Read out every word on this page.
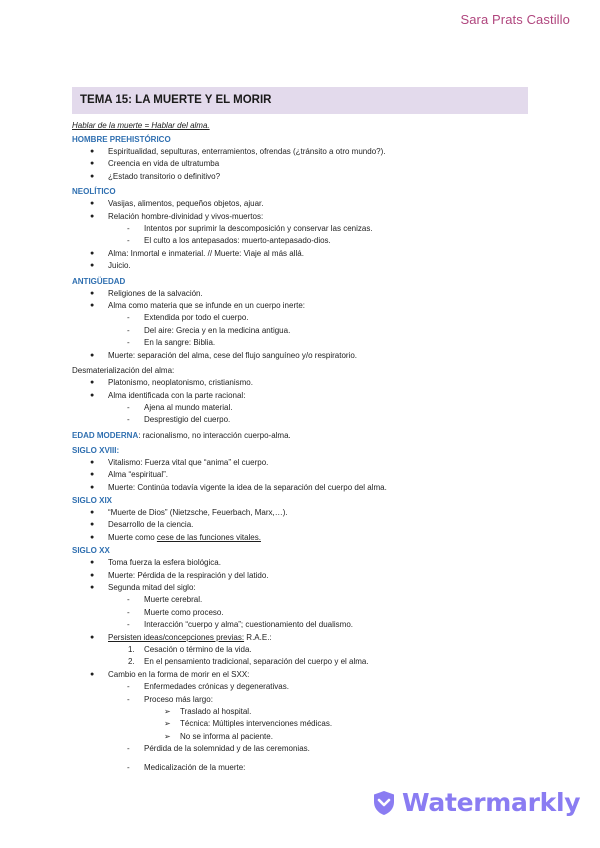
Sara Prats Castillo
TEMA 15: LA MUERTE Y EL MORIR
Hablar de la muerte = Hablar del alma.
HOMBRE PREHISTÓRICO
● Espiritualidad, sepulturas, enterramientos, ofrendas (¿tránsito a otro mundo?).
● Creencia en vida de ultratumba
● ¿Estado transitorio o definitivo?
NEOLÍTICO
● Vasijas, alimentos, pequeños objetos, ajuar.
● Relación hombre-divinidad y vivos-muertos:
- Intentos por suprimir la descomposición y conservar las cenizas.
- El culto a los antepasados: muerto-antepasado-dios.
● Alma: Inmortal e inmaterial. // Muerte: Viaje al más allá.
● Juicio.
ANTIGÜEDAD
● Religiones de la salvación.
● Alma como materia que se infunde en un cuerpo inerte:
- Extendida por todo el cuerpo.
- Del aire: Grecia y en la medicina antigua.
- En la sangre: Biblia.
● Muerte: separación del alma, cese del flujo sanguíneo y/o respiratorio.
Desmaterialización del alma:
● Platonismo, neoplatonismo, cristianismo.
● Alma identificada con la parte racional:
- Ajena al mundo material.
- Desprestigio del cuerpo.
EDAD MODERNA: racionalismo, no interacción cuerpo-alma.
SIGLO XVIII:
● Vitalismo: Fuerza vital que “anima” el cuerpo.
● Alma “espiritual”.
● Muerte: Continúa todavía vigente la idea de la separación del cuerpo del alma.
SIGLO XIX
● “Muerte de Dios” (Nietzsche, Feuerbach, Marx,…).
● Desarrollo de la ciencia.
● Muerte como cese de las funciones vitales.
SIGLO XX
● Toma fuerza la esfera biológica.
● Muerte: Pérdida de la respiración y del latido.
● Segunda mitad del siglo:
- Muerte cerebral.
- Muerte como proceso.
- Interacción “cuerpo y alma”; cuestionamiento del dualismo.
● Persisten ideas/concepciones previas: R.A.E.:
1. Cesación o término de la vida.
2. En el pensamiento tradicional, separación del cuerpo y el alma.
● Cambio en la forma de morir en el SXX:
- Enfermedades crónicas y degenerativas.
- Proceso más largo:
➢ Traslado al hospital.
➢ Técnica: Múltiples intervenciones médicas.
➢ No se informa al paciente.
- Pérdida de la solemnidad y de las ceremonias.
- Medicalización de la muerte:
Watermarkly
